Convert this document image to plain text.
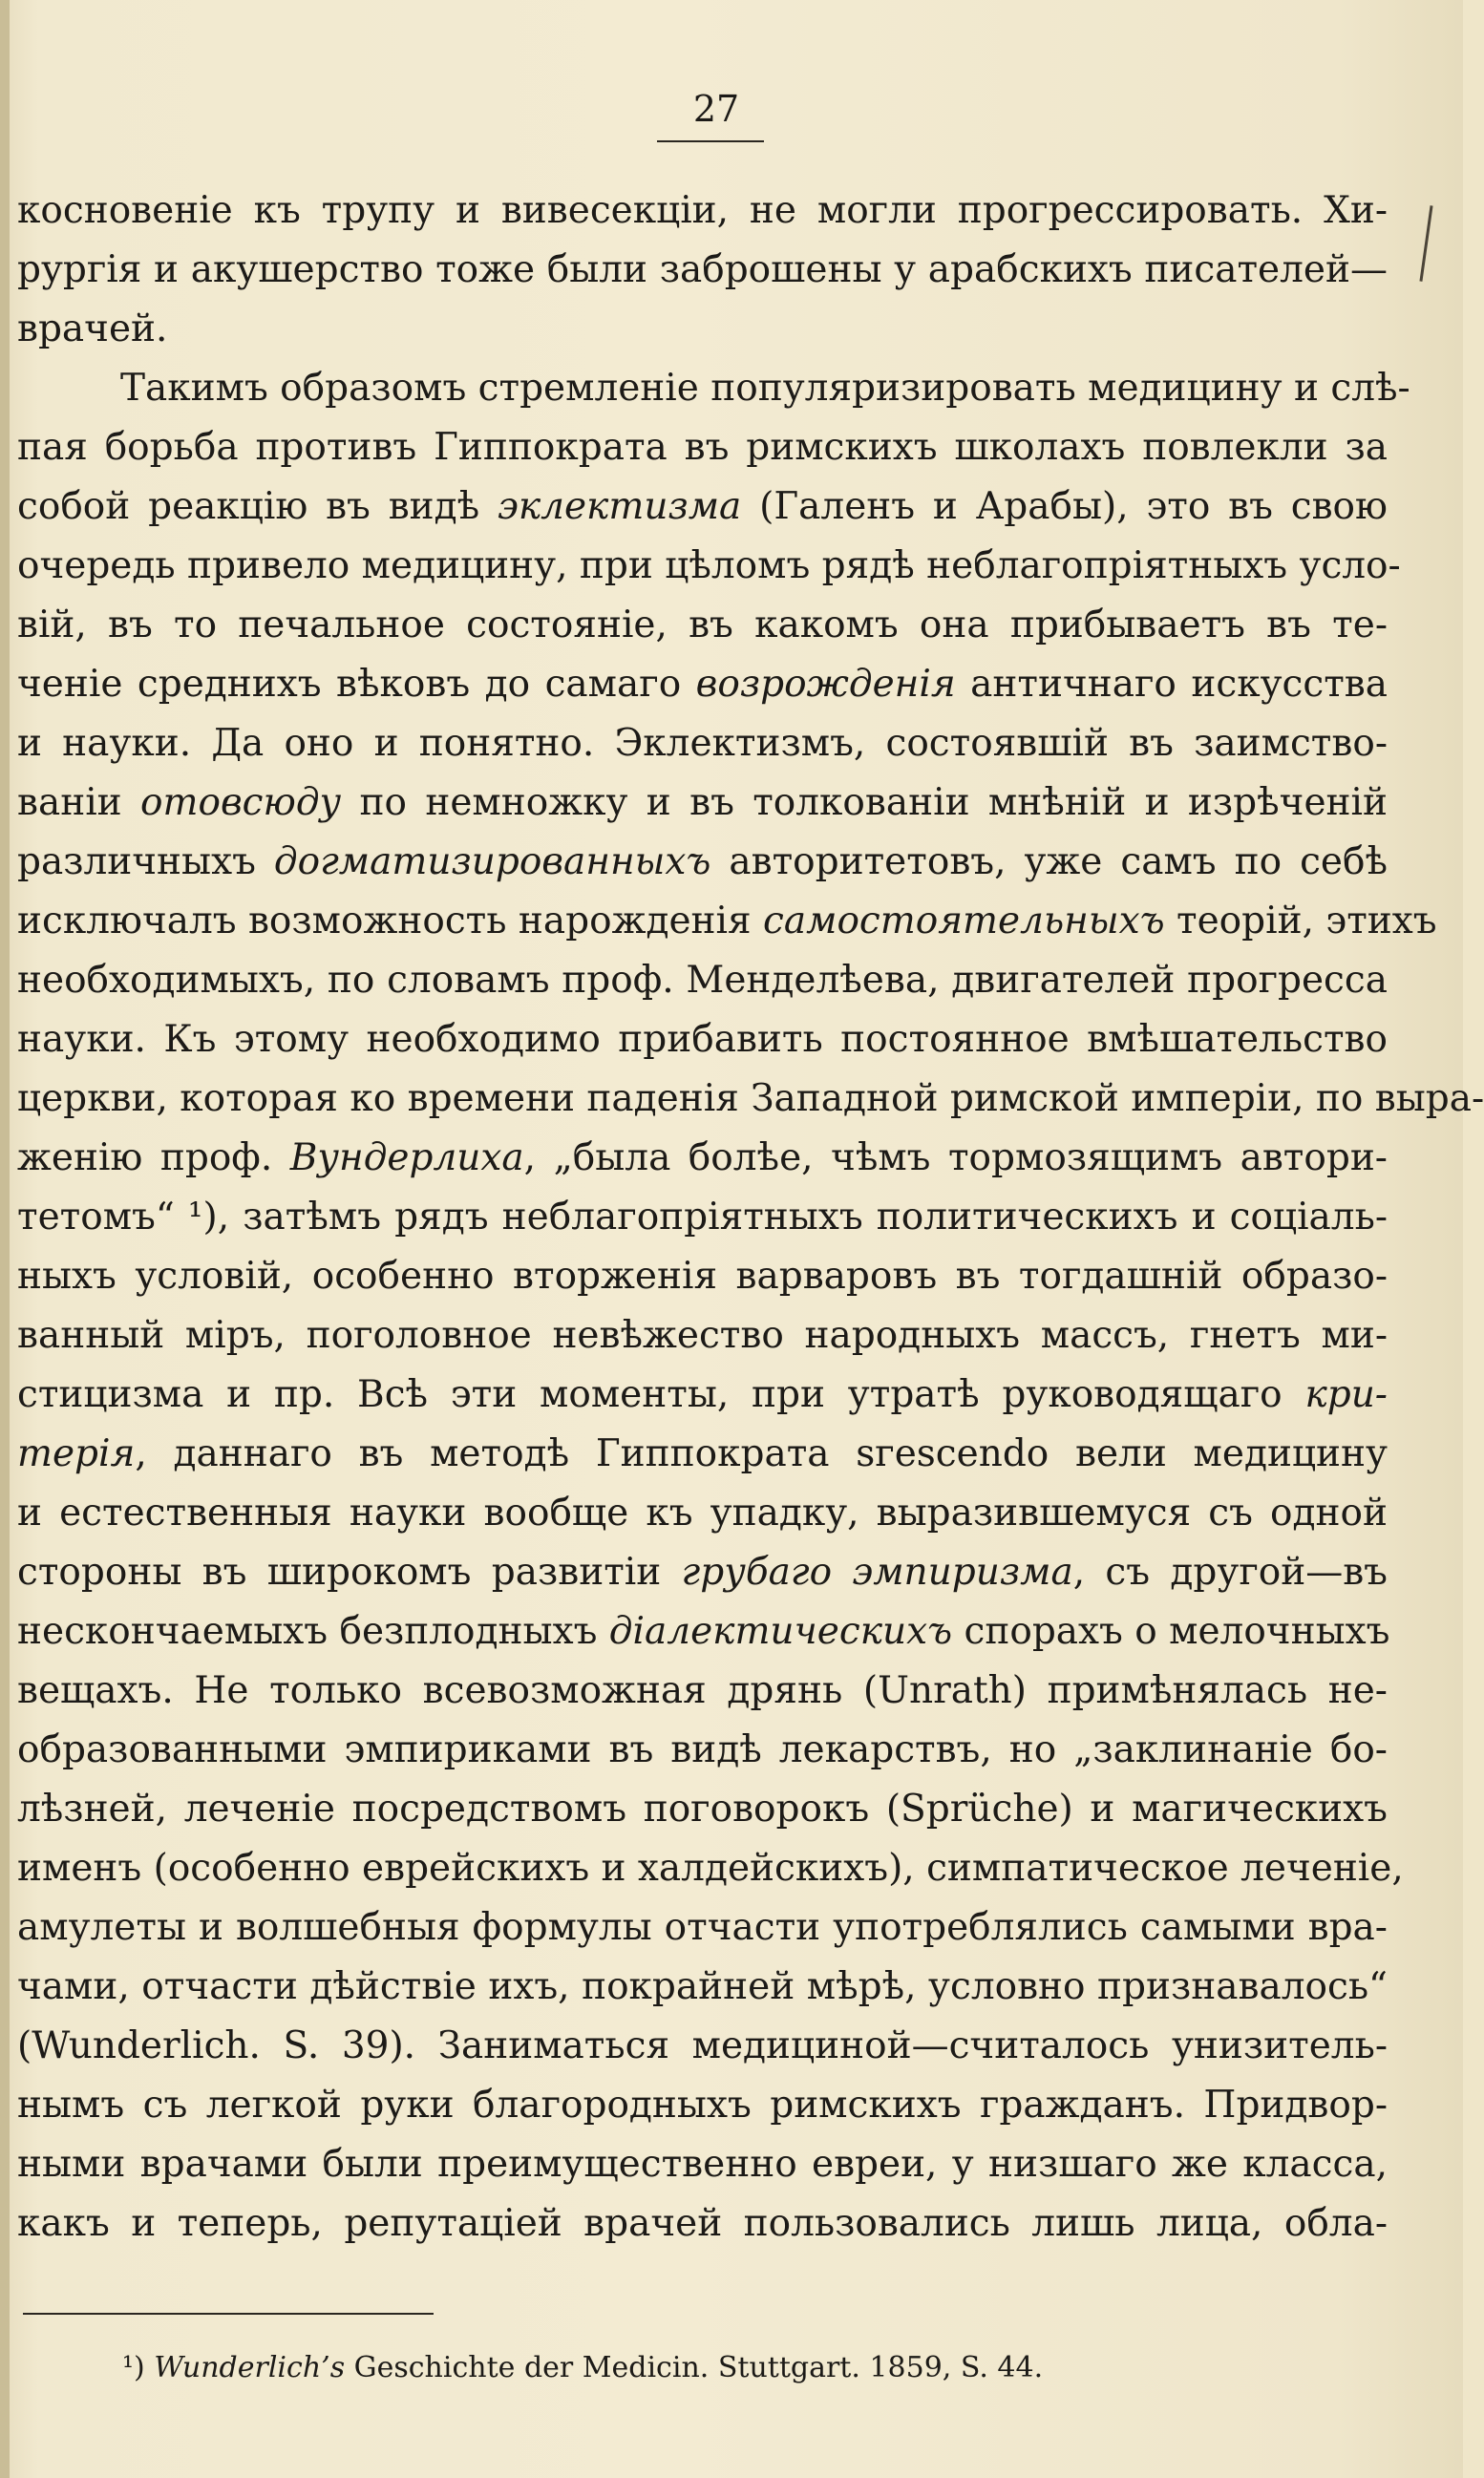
27
косновеніе къ трупу и вивесекціи, не могли прогрессировать. Хи-
рургія и акушерство тоже были заброшены у арабскихъ писателей—
врачей.
Такимъ образомъ стремленіе популяризировать медицину и слѣ-
пая борьба противъ Гиппократа въ римскихъ школахъ повлекли за
собой реакцію въ видѣ эклектизма (Галенъ и Арабы), это въ свою
очередь привело медицину, при цѣломъ рядѣ неблагопріятныхъ усло-
вій, въ то печальное состояніе, въ какомъ она прибываетъ въ те-
ченіе среднихъ вѣковъ до самаго возрожденія античнаго искусства
и науки. Да оно и понятно. Эклектизмъ, состоявшій въ заимство-
ваніи отовсюду по немножку и въ толкованіи мнѣній и изрѣченій
различныхъ догматизированныхъ авторитетовъ, уже самъ по себѣ
исключалъ возможность нарожденія самостоятельныхъ теорій, этихъ
необходимыхъ, по словамъ проф. Менделѣева, двигателей прогресса
науки. Къ этому необходимо прибавить постоянное вмѣшательство
церкви, которая ко времени паденія Западной римской имперіи, по выра-
женію проф. Вундерлиха, „была болѣе, чѣмъ тормозящимъ автори-
тетомъ“ ¹), затѣмъ рядъ неблагопріятныхъ политическихъ и соціаль-
ныхъ условій, особенно вторженія варваровъ въ тогдашній образо-
ванный міръ, поголовное невѣжество народныхъ массъ, гнетъ ми-
стицизма и пр. Всѣ эти моменты, при утратѣ руководящаго кри-
терія, даннаго въ методѣ Гиппократа sгеscendo вели медицину
и естественныя науки вообще къ упадку, выразившемуся съ одной
стороны въ широкомъ развитіи грубаго эмпиризма, съ другой—въ
нескончаемыхъ безплодныхъ діалектическихъ спорахъ о мелочныхъ
вещахъ. Не только всевозможная дрянь (Unrath) примѣнялась не-
образованными эмпириками въ видѣ лекарствъ, но „заклинаніе бо-
лѣзней, леченіе посредствомъ поговорокъ (Sprüche) и магическихъ
именъ (особенно еврейскихъ и халдейскихъ), симпатическое леченіе,
амулеты и волшебныя формулы отчасти употреблялись самыми вра-
чами, отчасти дѣйствіе ихъ, покрайней мѣрѣ, условно признавалось“
(Wunderlich. S. 39). Заниматься медициной—считалось унизитель-
нымъ съ легкой руки благородныхъ римскихъ гражданъ. Придвор-
ными врачами были преимущественно евреи, у низшаго же класса,
какъ и теперь, репутаціей врачей пользовались лишь лица, обла-
¹) Wunderlich’s Geschichte der Medicin. Stuttgart. 1859, S. 44.
